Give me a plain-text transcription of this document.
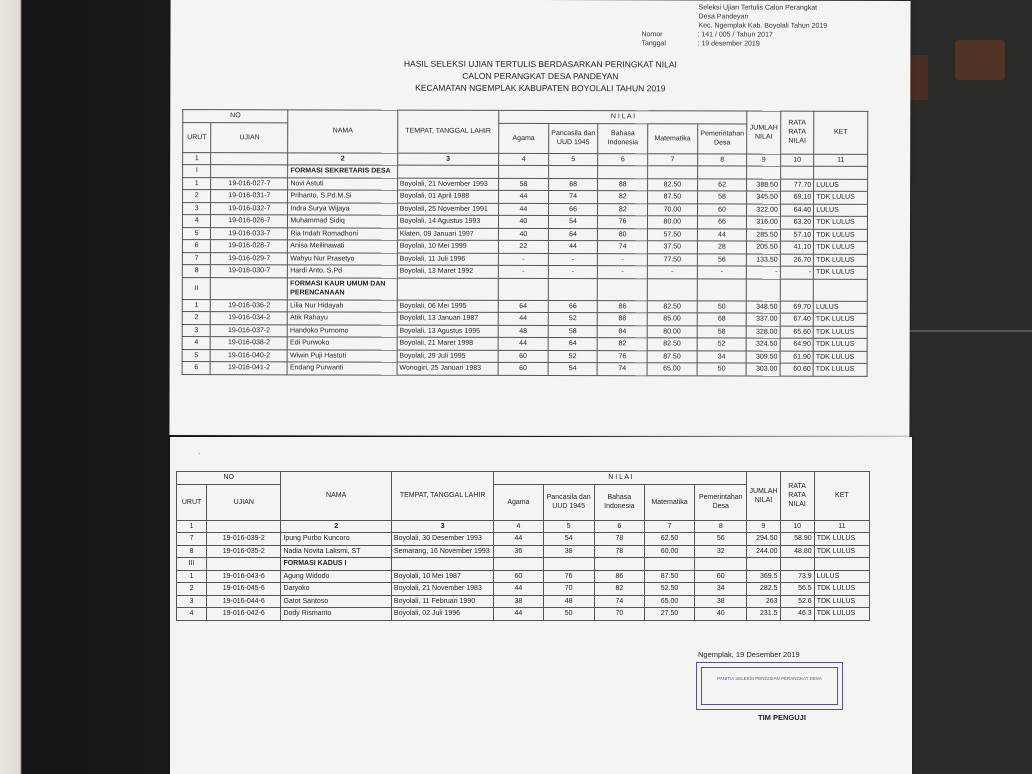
Seleksi Ujian Tertulis Calon Perangkat
Desa Pandeyan
Kec. Ngemplak Kab. Boyolali Tahun 2019
Nomor	: 141 / 005 / Tahun 2017
Tanggal	: 19 desember 2019
HASIL SELEKSI UJIAN TERTULIS BERDASARKAN PERINGKAT NILAI
CALON PERANGKAT DESA PANDEYAN
KECAMATAN NGEMPLAK KABUPATEN BOYOLALI TAHUN 2019
NO		NAMA	TEMPAT, TANGGAL LAHIR	N I L A I					JUMLAH NILAI	RATA RATA NILAI	KET
URUT	UJIAN			Agama	Pancasila dan UUD 1945	Bahasa Indonesia	Matematika	Pemerintahan Desa			
1		2	3	4	5	6	7	8	9	10	11
I		FORMASI SEKRETARIS DESA									
1	19-016-027-7	Novi Astuti	Boyolali, 21 November 1993	58	68	88	82.50	62	388.50	77.70	LULUS
2	19-016-031-7	Prihanto, S.Pd.M.Si	Boyolali, 01 April 1988	44	74	82	87.50	58	345.50	69.10	TDK LULUS
3	19-016-032-7	Indra Surya Wijaya	Boyolali, 25 November 1991	44	66	82	70.00	60	322.00	64.40	LULUS
4	19-016-026-7	Muhammad Sidiq	Boyolali, 14 Agustus 1993	40	54	76	80.00	66	316.00	63.20	TDK LULUS
5	19-016-033-7	Ria Indah Romadhoni	Klaten, 09 Januari 1997	40	64	80	57.50	44	285.50	57.10	TDK LULUS
6	19-016-028-7	Anisa Meilinawati	Boyolali, 10 Mei 1999	22	44	74	37.50	28	205.50	41.10	TDK LULUS
7	19-016-029-7	Wahyu Nur Prasetyo	Boyolali, 11 Juli 1996	-	-	-	77.50	56	133.50	26.70	TDK LULUS
8	19-016-030-7	Hardi Anto, S.Pd	Boyolali, 13 Maret 1992	-	-	-	-	-	-	-	TDK LULUS
II		FORMASI KAUR UMUM DAN PERENCANAAN									
1	19-016-036-2	Lilia Nur Hidayah	Boyolali, 06 Mei 1995	64	66	86	82.50	50	348.50	69.70	LULUS
2	19-016-034-2	Atik Rahayu	Boyolali, 13 Januari 1987	44	52	88	85.00	68	337.00	67.40	TDK LULUS
3	19-016-037-2	Handoko Purnomo	Boyolali, 13 Agustus 1995	48	58	84	80.00	58	328.00	65.60	TDK LULUS
4	19-016-038-2	Edi Purwoko	Boyolali, 21 Maret 1998	44	64	82	82.50	52	324.50	64.90	TDK LULUS
5	19-016-040-2	Wiwin Puji Hastuti	Boyolali, 29 Juli 1995	60	52	76	87.50	34	309.50	61.90	TDK LULUS
6	19-016-041-2	Endang Purwanti	Wonogiri, 25 Januari 1983	60	54	74	65.00	50	303.00	60.60	TDK LULUS
-
NO		NAMA	TEMPAT, TANGGAL LAHIR	N I L A I					JUMLAH NILAI	RATA RATA NILAI	KET
URUT	UJIAN			Agama	Pancasila dan UUD 1945	Bahasa Indonesia	Matematika	Pemerintahan Desa			
1		2	3	4	5	6	7	8	9	10	11
7	19-016-039-2	Ipung Purbo Kuncoro	Boyolali, 30 Desember 1993	44	54	78	62.50	56	294.50	58.90	TDK LULUS
8	19-016-035-2	Nadia Novita Laksmi, ST	Semarang, 16 November 1993	36	38	78	60.00	32	244.00	48.80	TDK LULUS
III		FORMASI KADUS I									
1	19-016-043-6	Agung Widodo	Boyolali, 10 Mei 1987	60	76	86	87.50	60	369.5	73.9	LULUS
2	19-016-045-6	Daryoko	Boyolali, 21 November 1983	44	70	82	52.50	34	282.5	56.5	TDK LULUS
3	19-016-044-6	Gatot Santoso	Boyolali, 11 Februari 1990	38	48	74	65.00	38	263	52.6	TDK LULUS
4	19-016-042-6	Dody Rismanto	Boyolali, 02 Juli 1996	44	50	70	27.50	40	231.5	46.3	TDK LULUS
Ngemplak, 19 Desember 2019
PANITIA SELEKSI PENGISIAN PERANGKAT DESA
TIM PENGUJI
